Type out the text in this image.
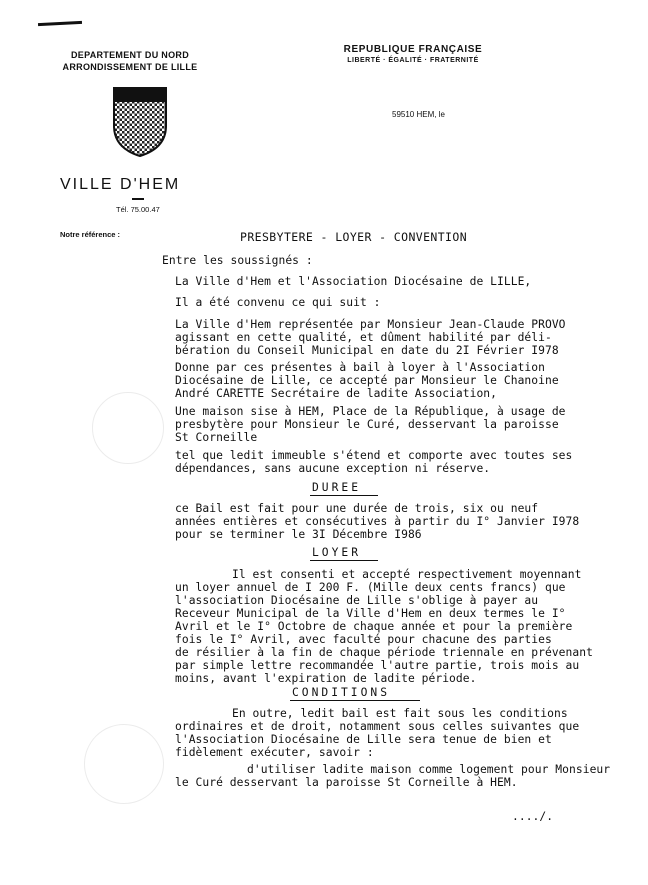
DEPARTEMENT DU NORD
ARRONDISSEMENT DE LILLE
REPUBLIQUE FRANÇAISE
LIBERTÉ · ÉGALITÉ · FRATERNITÉ
59510 HEM, le
VILLE D'HEM
Tél. 75.00.47
Notre référence :	PRESBYTERE - LOYER - CONVENTION
Entre les soussignés :
La Ville d'Hem et l'Association Diocésaine de LILLE,
Il a été convenu ce qui suit :
La Ville d'Hem représentée par Monsieur Jean-Claude PROVO
agissant en cette qualité, et dûment habilité par déli-
bération du Conseil Municipal en date du 2I Février I978
Donne par ces présentes à bail à loyer à l'Association
Diocésaine de Lille, ce accepté par Monsieur le Chanoine
André CARETTE Secrétaire de ladite Association,
Une maison sise à HEM, Place de la République, à usage de
presbytère pour Monsieur le Curé, desservant la paroisse
St Corneille
tel que ledit immeuble s'étend et comporte avec toutes ses
dépendances, sans aucune exception ni réserve.
DUREE
ce Bail est fait pour une durée de trois, six ou neuf
années entières et consécutives à partir du I° Janvier I978
pour se terminer le 3I Décembre I986
LOYER
Il est consenti et accepté respectivement moyennant
un loyer annuel de I 200 F. (Mille deux cents francs) que
l'association Diocésaine de Lille s'oblige à payer au
Receveur Municipal de la Ville d'Hem en deux termes le I°
Avril et le I° Octobre de chaque année et pour la première
fois le I° Avril, avec faculté pour chacune des parties
de résilier à la fin de chaque période triennale en prévenant
par simple lettre recommandée l'autre partie, trois mois au
moins, avant l'expiration de ladite période.
CONDITIONS
En outre, ledit bail est fait sous les conditions
ordinaires et de droit, notamment sous celles suivantes que
l'Association Diocésaine de Lille sera tenue de bien et
fidèlement exécuter, savoir :
d'utiliser ladite maison comme logement pour Monsieur
le Curé desservant la paroisse St Corneille à HEM.
..../.
